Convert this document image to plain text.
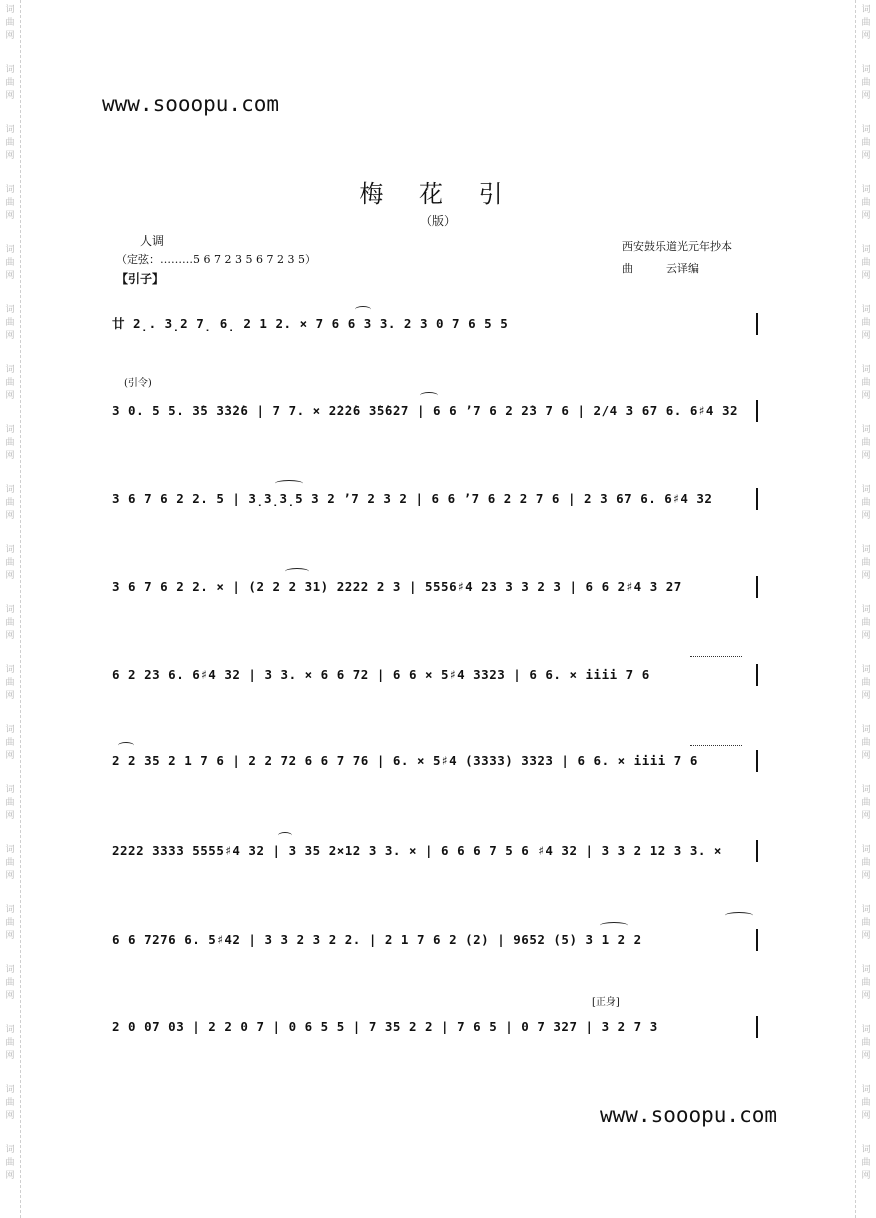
词
曲
网
词
曲
网
词
曲
网
词
曲
网
词
曲
网
词
曲
网
词
曲
网
词
曲
网
词
曲
网
词
曲
网
词
曲
网
词
曲
网
词
曲
网
词
曲
网
词
曲
网
词
曲
网
词
曲
网
词
曲
网
词
曲
网
词
曲
网
词
曲
网
词
曲
网
词
曲
网
词
曲
网
词
曲
网
词
曲
网
词
曲
网
词
曲
网
词
曲
网
词
曲
网
词
曲
网
词
曲
网
词
曲
网
词
曲
网
词
曲
网
词
曲
网
词
曲
网
词
曲
网
词
曲
网
词
曲
网
www.sooopu.com
梅 花 引
（版）
人调
（定弦：………5 6 7 2 3 5 6 7 2 3 5）
【引子】
西安鼓乐道光元年抄本
曲　　　云译编
(引令)
[正身]
廿 2̣. 3̣2 7̣ 6̣ 2 1 2. × 7 6 6 3 3. 2 3 0 7 6 5 5
3 0. 5 5. 3̇5 3̇3̇2̇6 | 7 7. × 2̇2̇2̇6 3̇5̇6̇27 | 6 6 ʼ7 6 2 2̇3 7 6 | 2/4 3 67 6. 6♯4 32
3 6 7 6 2 2. 5 | 3̣3̣3̣5 3 2 ʼ7 2 3 2 | 6 6 ʼ7 6 2 2 7 6 | 2 3 67 6. 6♯4 32
3 6 7 6 2 2. × | (2 2 2 31) 2222 2 3 | 5556♯4 23 3 3 2 3 | 6 6 2♯4 3 27
6 2 23 6. 6♯4 32 | 3 3. × 6 6 72 | 6 6 × 5♯4 3323 | 6 6. × iiii 7 6
2 2 35 2 1 7 6 | 2 2 72 6 6 7 76 | 6. × 5♯4 (3333) 3323 | 6 6. × iiii 7 6
2222 3333 5555♯4 32 | 3 35 2×12 3 3. × | 6 6 6 7 5 6 ♯4 32 | 3 3 2 12 3 3. ×
6 6 7276 6. 5♯42 | 3 3 2 3 2 2. | 2 1 7 6 2 (2) | 9652 (5) 3 1 2 2
2 0 07 03 | 2 2 0 7 | 0 6 5 5 | 7 35 2 2 | 7 6 5 | 0 7 327 | 3 2 7 3
www.sooopu.com
